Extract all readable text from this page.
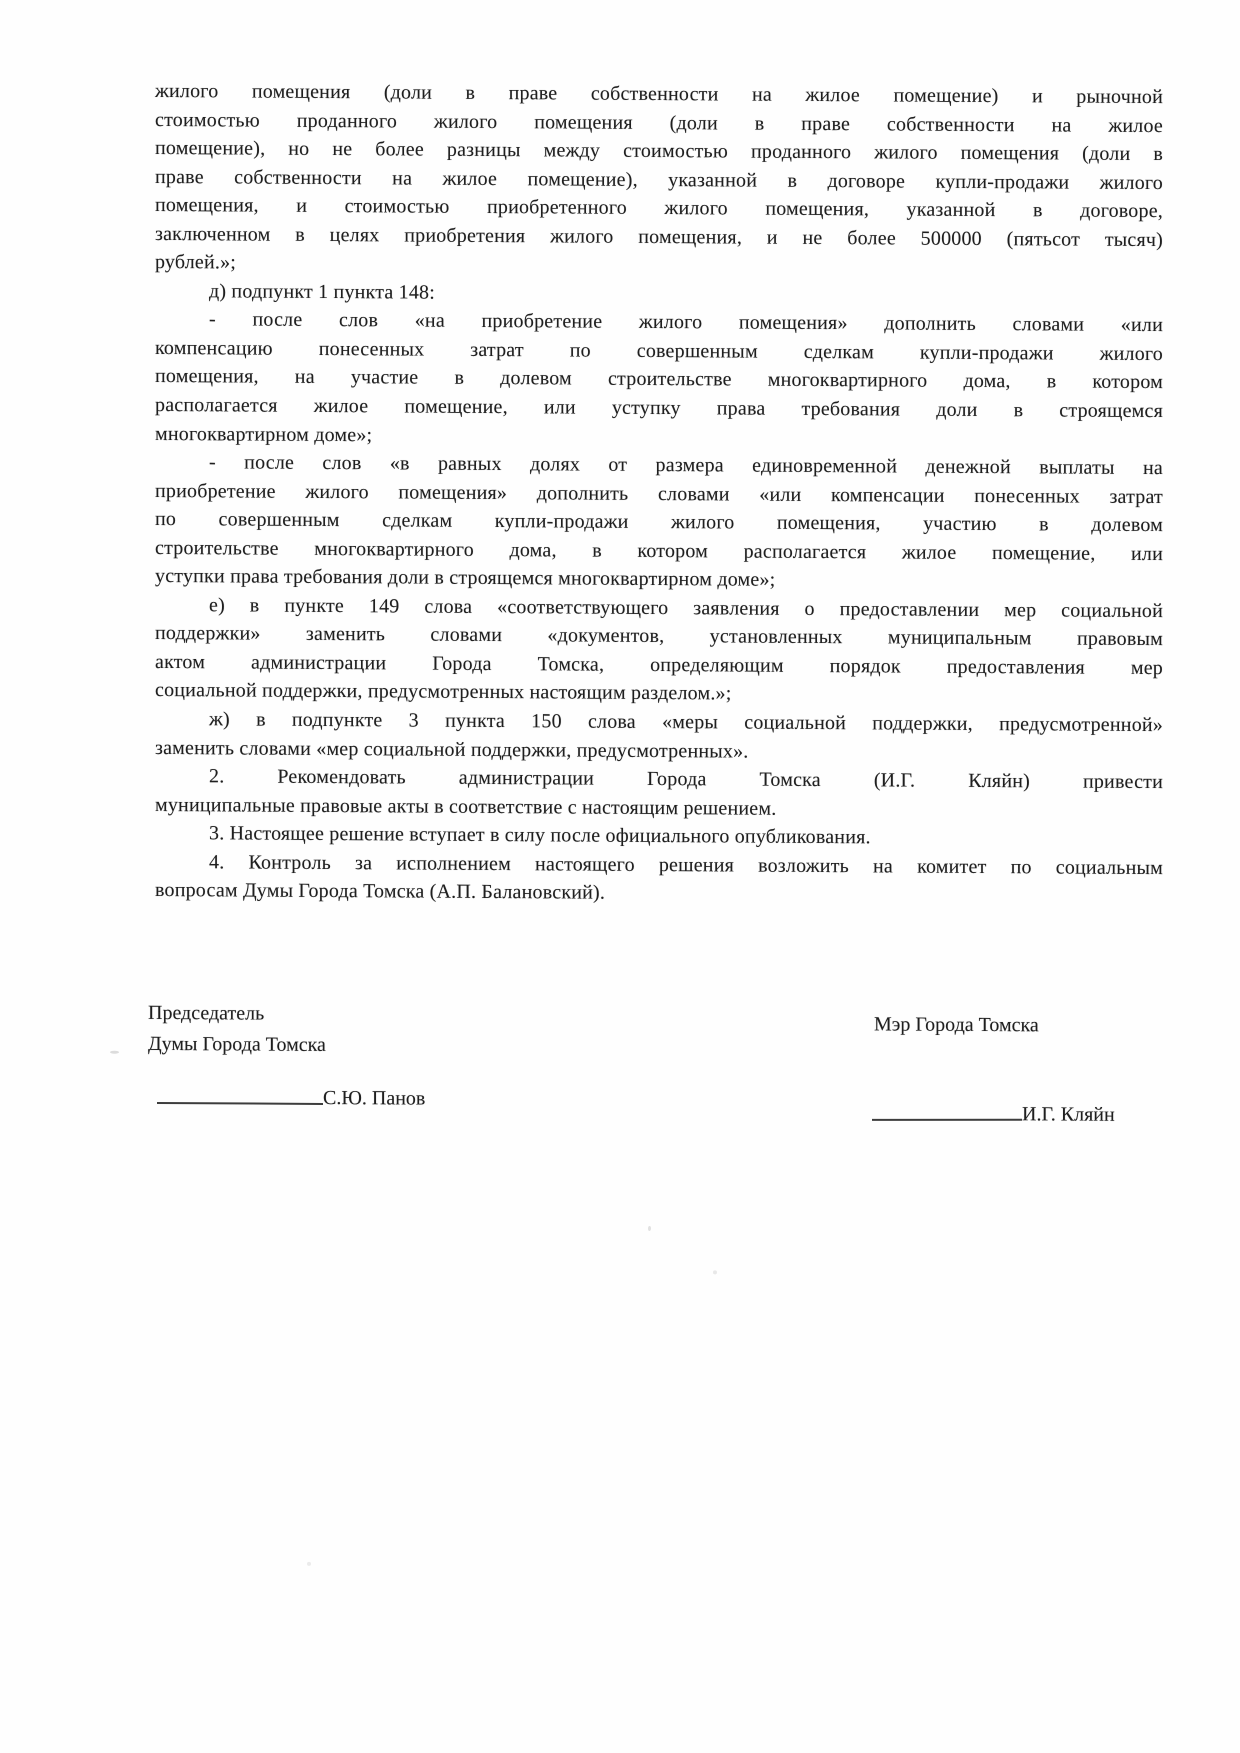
жилого помещения (доли в праве собственности на жилое помещение) и рыночной
стоимостью проданного жилого помещения (доли в праве собственности на жилое
помещение), но не более разницы между стоимостью проданного жилого помещения (доли в
праве собственности на жилое помещение), указанной в договоре купли-продажи жилого
помещения, и стоимостью приобретенного жилого помещения, указанной в договоре,
заключенном в целях приобретения жилого помещения, и не более 500000 (пятьсот тысяч)
рублей.»;
д) подпункт 1 пункта 148:
- после слов «на приобретение жилого помещения» дополнить словами «или
компенсацию понесенных затрат по совершенным сделкам купли-продажи жилого
помещения, на участие в долевом строительстве многоквартирного дома, в котором
располагается жилое помещение, или уступку права требования доли в строящемся
многоквартирном доме»;
- после слов «в равных долях от размера единовременной денежной выплаты на
приобретение жилого помещения» дополнить словами «или компенсации понесенных затрат
по совершенным сделкам купли-продажи жилого помещения, участию в долевом
строительстве многоквартирного дома, в котором располагается жилое помещение, или
уступки права требования доли в строящемся многоквартирном доме»;
е) в пункте 149 слова «соответствующего заявления о предоставлении мер социальной
поддержки» заменить словами «документов, установленных муниципальным правовым
актом администрации Города Томска, определяющим порядок предоставления мер
социальной поддержки, предусмотренных настоящим разделом.»;
ж) в подпункте 3 пункта 150 слова «меры социальной поддержки, предусмотренной»
заменить словами «мер социальной поддержки, предусмотренных».
2. Рекомендовать администрации Города Томска (И.Г. Кляйн) привести
муниципальные правовые акты в соответствие с настоящим решением.
3. Настоящее решение вступает в силу после официального опубликования.
4. Контроль за исполнением настоящего решения возложить на комитет по социальным
вопросам Думы Города Томска (А.П. Балановский).
Председатель
Думы Города Томска
Мэр Города Томска
С.Ю. Панов
И.Г. Кляйн
